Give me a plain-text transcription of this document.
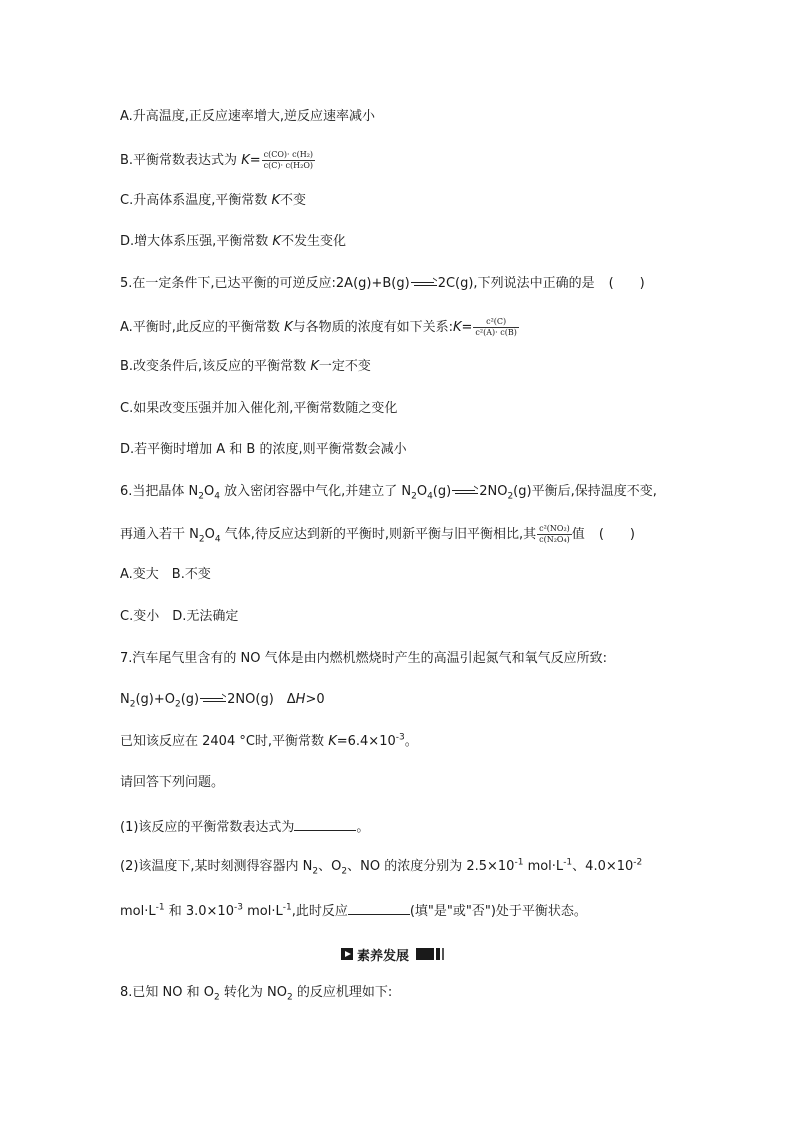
A.升高温度,正反应速率增大,逆反应速率减小
B.平衡常数表达式为 $K= \frac{\text{c(CO)· c(H₂)}}{\text{c(C)· c(H₂O)}}$
C.升高体系温度,平衡常数 K不变
D.增大体系压强,平衡常数 K不发生变化
5.在一定条件下,已达平衡的可逆反应:2A(g)+B(g)→2C(g),下列说法中正确的是 (　　)
A.平衡时,此反应的平衡常数 K与各物质的浓度有如下关系:K= $\frac{\text{c²(C)}}{\text{c²(A)· c(B)}}$
B.改变条件后,该反应的平衡常数 K一定不变
C.如果改变压强并加入催化剂,平衡常数随之变化
D.若平衡时增加 A 和 B 的浓度,则平衡常数会减小
6.当把晶体 $N_2O_4$ 放入密闭容器中气化,并建立了 $N_2O_4(g)\to 2NO_2(g)$平衡后,保持温度不变,
再通入若干 $N_2O_4$ 气体,待反应达到新的平衡时,则新平衡与旧平衡相比,其 $\frac{\text{c²(NO₂)}}{\text{c(N₂O₄)}}$ 值 (　　)
A.变大　B.不变
C.变小　D.无法确定
7.汽车尾气里含有的 NO 气体是由内燃机燃烧时产生的高温引起氮气和氧气反应所致:
$N_2(g)+O_2(g)\to 2NO(g)$　ΔH>0
已知该反应在 2404 °C时,平衡常数 $K=6.4\times 10^{-3}$。
请回答下列问题。
(1)该反应的平衡常数表达式为	。
(2)该温度下,某时刻测得容器内 $N_2$、$O_2$、NO 的浓度分别为 $2.5\times 10^{-1}$ $mol\cdot L^{-1}$、$4.0\times 10^{-2}$
$mol\cdot L^{-1}$ 和 $3.0\times 10^{-3}$ $mol\cdot L^{-1}$,此时反应	(填"是"或"否")处于平衡状态。
素养发展
8.已知 NO 和 $O_2$ 转化为 $NO_2$ 的反应机理如下:
